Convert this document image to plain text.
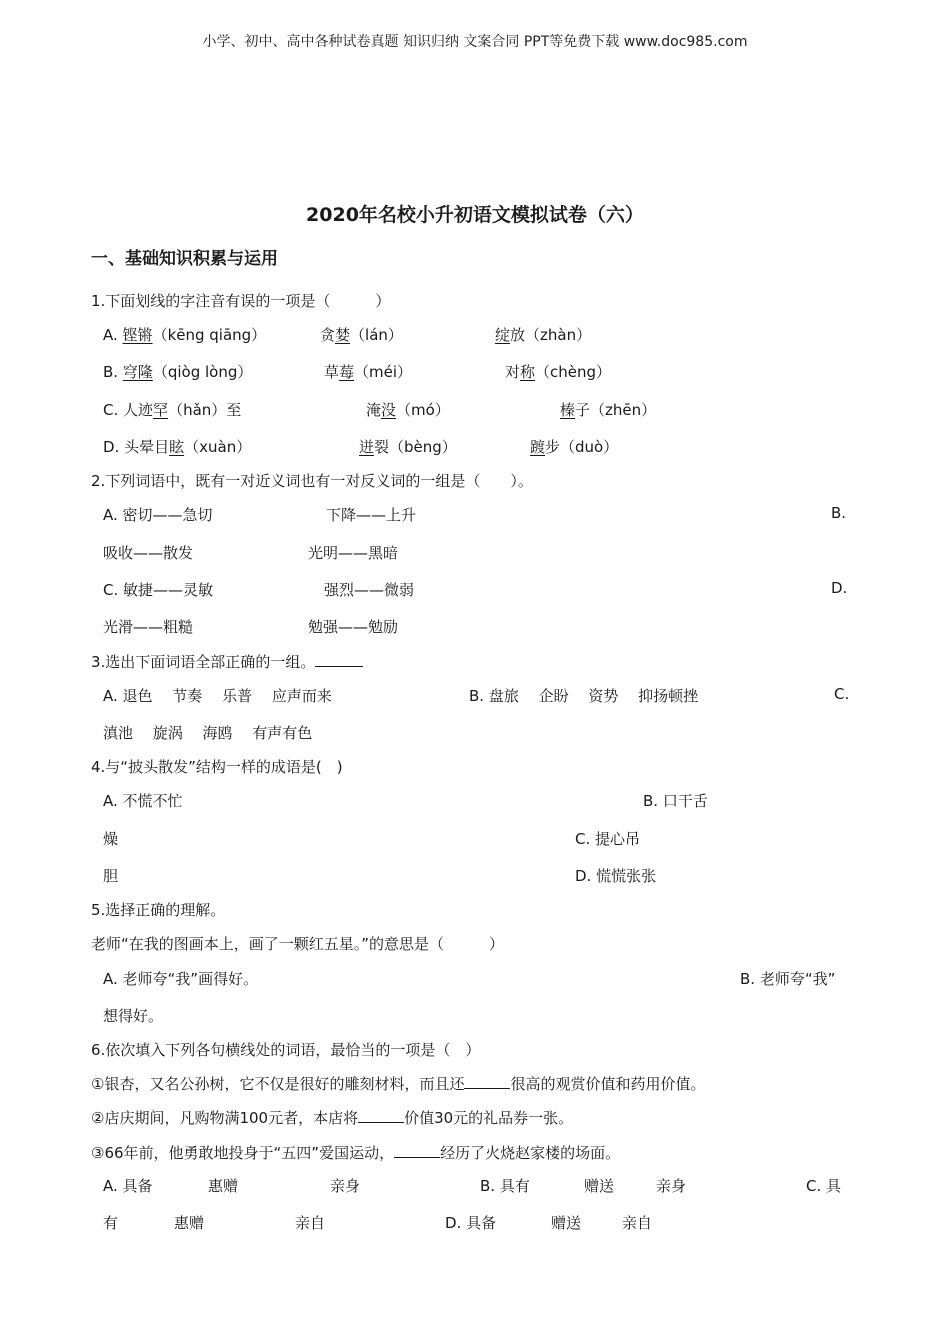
小学、初中、高中各种试卷真题 知识归纳 文案合同 PPT等免费下载 www.doc985.com
2020年名校小升初语文模拟试卷（六）
一、基础知识积累与运用
1.下面划线的字注音有误的一项是（　　　）
A. 铿锵（kēng qiāng）	贪婪（lán）	绽放（zhàn）
B. 穹隆（qiòg lòng）	草莓（méi）	对称（chèng）
C. 人迹罕（hǎn）至	淹没（mó）	榛子（zhēn）
D. 头晕目眩（xuàn）	迸裂（bèng）	踱步（duò）
2.下列词语中，既有一对近义词也有一对反义词的一组是（　　）。
A. 密切——急切	下降——上升	B.
吸收——散发	光明——黑暗
C. 敏捷——灵敏	强烈——微弱	D.
光滑——粗糙	勉强——勉励
3.选出下面词语全部正确的一组。
A. 退色　 节奏　 乐普　 应声而来	B. 盘旅　 企盼　 资势　 抑扬顿挫	C.
滇池　 旋涡　 海鸥　 有声有色
4.与“披头散发”结构一样的成语是(　)
A. 不慌不忙	B. 口干舌
燥	C. 提心吊
胆	D. 慌慌张张
5.选择正确的理解。
老师“在我的图画本上，画了一颗红五星。”的意思是（　　　）
A. 老师夸“我”画得好。	B. 老师夸“我”
想得好。
6.依次填入下列各句横线处的词语，最恰当的一项是（　）
①银杏，又名公孙树，它不仅是很好的雕刻材料，而且还	很高的观赏价值和药用价值。
②店庆期间，凡购物满100元者，本店将	价值30元的礼品券一张。
③66年前，他勇敢地投身于“五四”爱国运动，	经历了火烧赵家楼的场面。
A. 具备	惠赠	亲身	B. 具有	赠送	亲身	C. 具
有	惠赠	亲自	D. 具备	赠送	亲自
